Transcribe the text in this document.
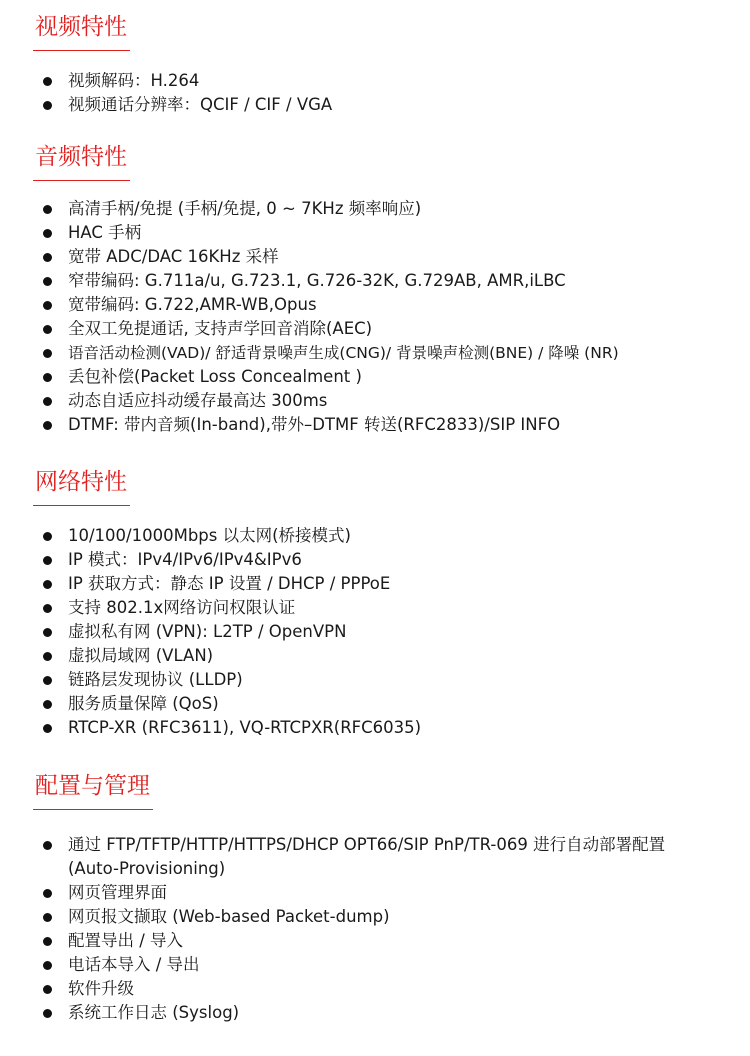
视频特性
视频解码：H.264
视频通话分辨率：QCIF / CIF / VGA
音频特性
高清手柄/免提 (手柄/免提, 0 ~ 7KHz 频率响应)
HAC 手柄
宽带 ADC/DAC 16KHz 采样
窄带编码: G.711a/u, G.723.1, G.726-32K, G.729AB, AMR,iLBC
宽带编码: G.722,AMR-WB,Opus
全双工免提通话, 支持声学回音消除(AEC)
语音活动检测(VAD)/ 舒适背景噪声生成(CNG)/ 背景噪声检测(BNE) / 降噪 (NR)
丢包补偿(Packet Loss Concealment )
动态自适应抖动缓存最高达 300ms
DTMF: 带内音频(In-band),带外–DTMF 转送(RFC2833)/SIP INFO
网络特性
10/100/1000Mbps 以太网(桥接模式)
IP 模式：IPv4/IPv6/IPv4&IPv6
IP 获取方式：静态 IP 设置 / DHCP / PPPoE
支持 802.1x网络访问权限认证
虚拟私有网 (VPN): L2TP / OpenVPN
虚拟局域网 (VLAN)
链路层发现协议 (LLDP)
服务质量保障 (QoS)
RTCP-XR (RFC3611), VQ-RTCPXR(RFC6035)
配置与管理
通过 FTP/TFTP/HTTP/HTTPS/DHCP OPT66/SIP PnP/TR-069 进行自动部署配置 (Auto-Provisioning)
网页管理界面
网页报文撷取 (Web-based Packet-dump)
配置导出 / 导入
电话本导入 / 导出
软件升级
系统工作日志 (Syslog)
